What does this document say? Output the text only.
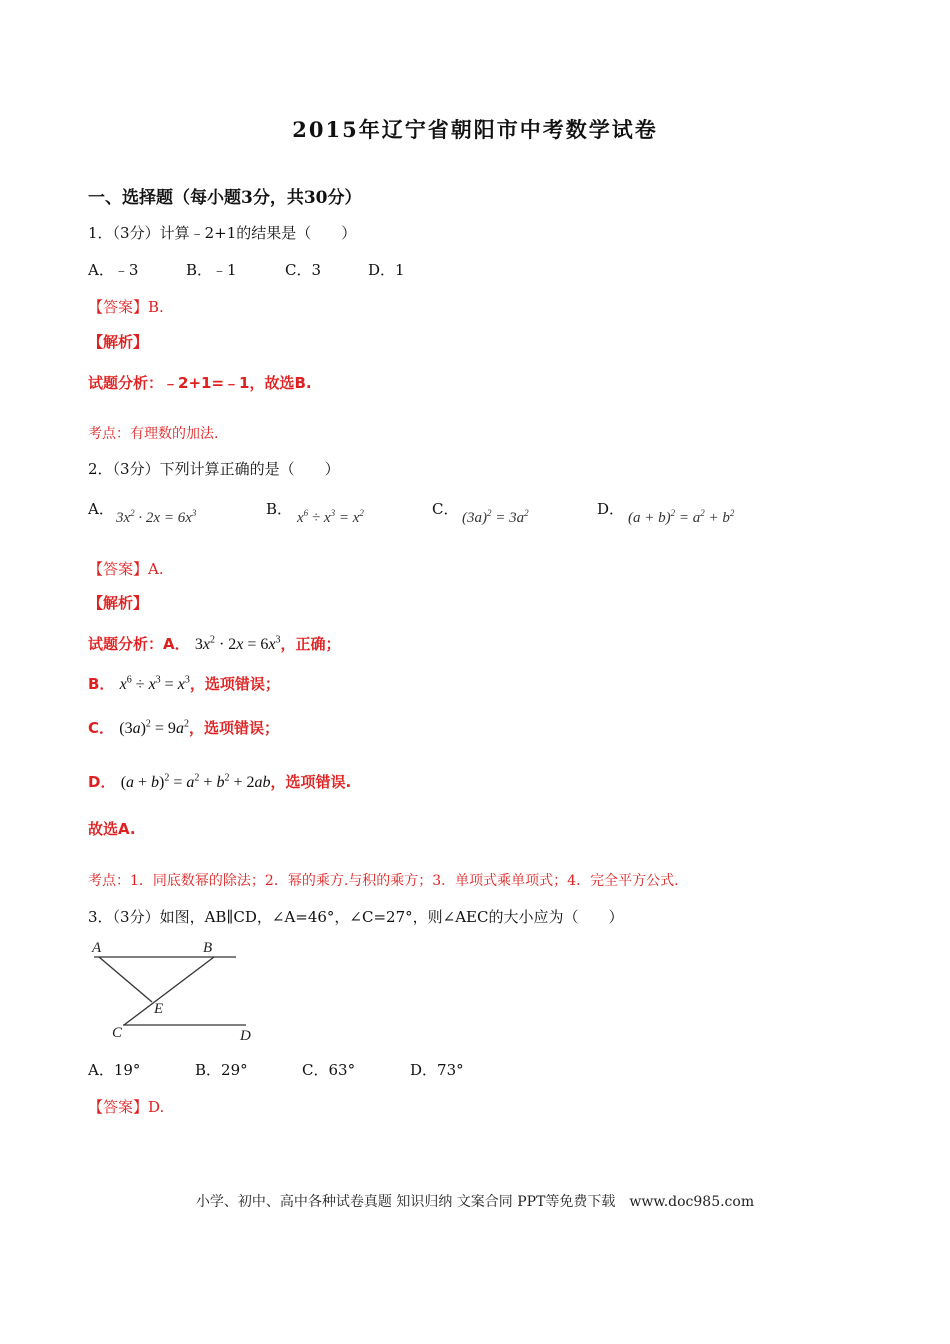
2015年辽宁省朝阳市中考数学试卷
一、选择题（每小题3分，共30分）
1．（3分）计算﹣2+1的结果是（　　）
A．﹣3	B．﹣1	C．3	D．1
【答案】B.
【解析】
试题分析：﹣2+1=﹣1，故选B.
考点：有理数的加法.
2．（3分）下列计算正确的是（　　）
A． $3x^2 \cdot 2x = 6x^3$	B． $x^6 \div x^3 = x^2$	C． $(3a)^2 = 3a^2$	D． $(a + b)^2 = a^2 + b^2$
【答案】A.
【解析】
试题分析：A． $3x^2 \cdot 2x = 6x^3$，正确；
B． $x^6 \div x^3 = x^3$，选项错误；
C． $(3a)^2 = 9a^2$，选项错误；
D． $(a + b)^2 = a^2 + b^2 + 2ab$，选项错误.
故选A.
考点：1．同底数幂的除法；2．幂的乘方.与积的乘方；3．单项式乘单项式；4．完全平方公式.
3．（3分）如图，AB∥CD，∠A=46°，∠C=27°，则∠AEC的大小应为（　　）
A	B
E
C	D
A．19°	B．29°	C．63°	D．73°
【答案】D.
小学、初中、高中各种试卷真题 知识归纳 文案合同 PPT等免费下载　www.doc985.com
